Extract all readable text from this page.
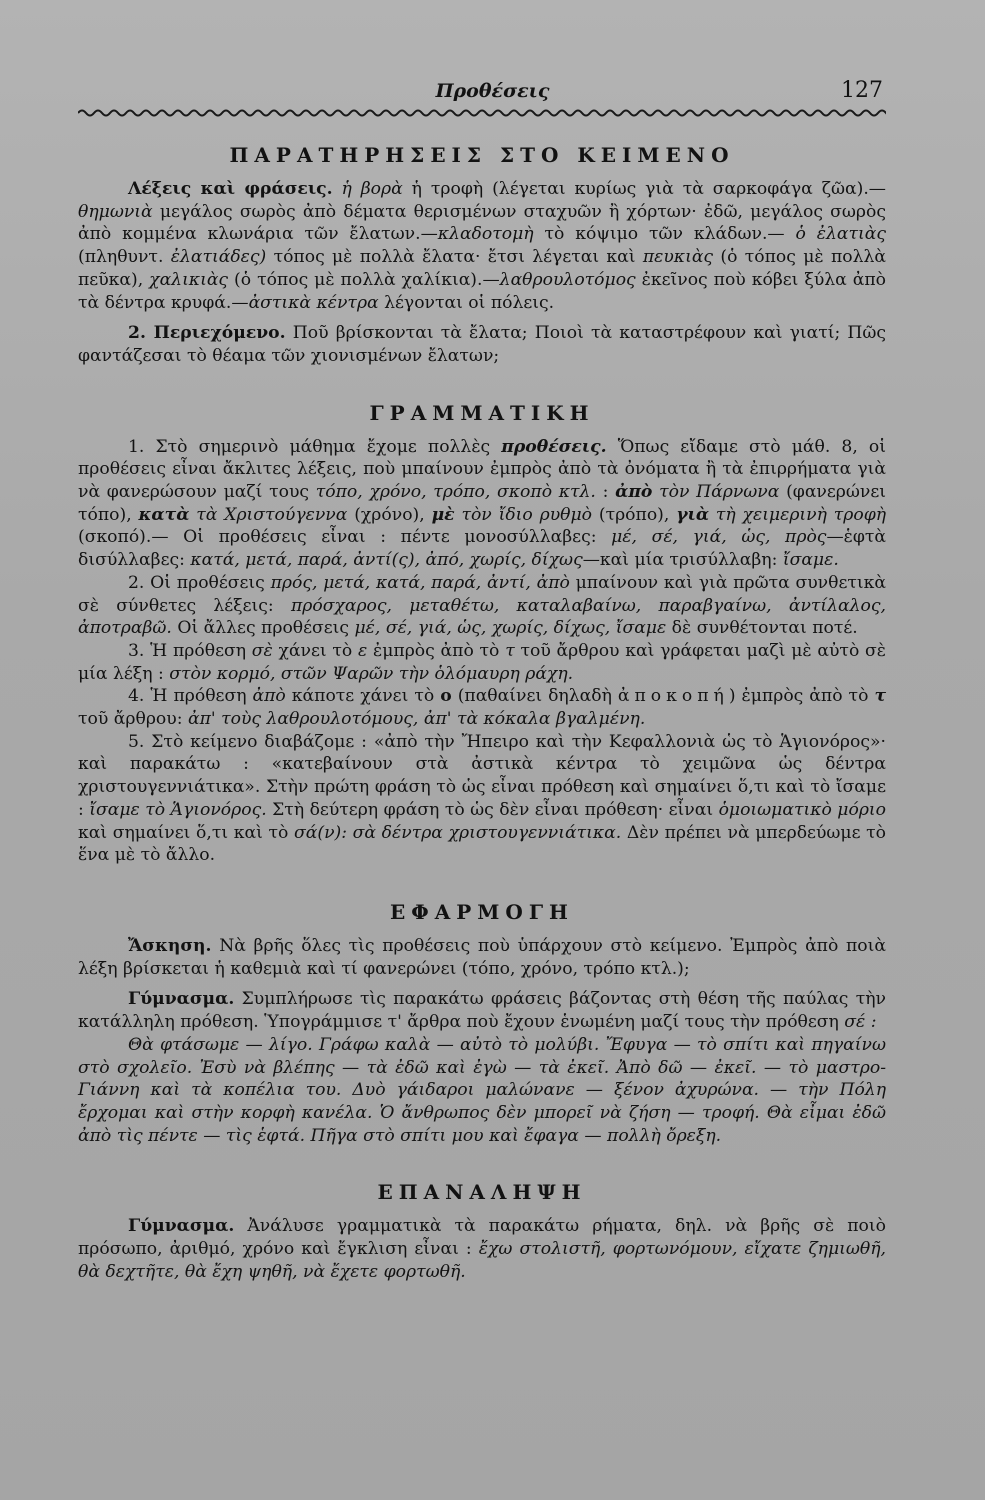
Προθέσεις	127
ΠΑΡΑΤΗΡΗΣΕΙΣ ΣΤΟ ΚΕΙΜΕΝΟ

Λέξεις καὶ φράσεις. ἡ βορὰ ἡ τροφὴ (λέγεται κυρίως γιὰ τὰ σαρκοφάγα ζῶα).—θημωνιὰ μεγάλος σωρὸς ἀπὸ δέματα θερισμένων σταχυῶν ἢ χόρτων· ἐδῶ, μεγάλος σωρὸς ἀπὸ κομμένα κλωνάρια τῶν ἔλατων.—κλαδοτομὴ τὸ κόψιμο τῶν κλάδων.— ὁ ἐλατιὰς (πληθυντ. ἐλατιάδες) τόπος μὲ πολλὰ ἔλατα· ἔτσι λέγεται καὶ πευκιὰς (ὁ τόπος μὲ πολλὰ πεῦκα), χαλικιὰς (ὁ τόπος μὲ πολλὰ χαλίκια).—λαθρουλοτόμος ἐκεῖνος ποὺ κόβει ξύλα ἀπὸ τὰ δέντρα κρυφά.—ἀστικὰ κέντρα λέγονται οἱ πόλεις.

2. Περιεχόμενο. Ποῦ βρίσκονται τὰ ἔλατα; Ποιοὶ τὰ καταστρέφουν καὶ γιατί; Πῶς φαντάζεσαι τὸ θέαμα τῶν χιονισμένων ἔλατων;

ΓΡΑΜΜΑΤΙΚΗ

1. Στὸ σημερινὸ μάθημα ἔχομε πολλὲς προθέσεις. Ὅπως εἴδαμε στὸ μάθ. 8, οἱ προθέσεις εἶναι ἄκλιτες λέξεις, ποὺ μπαίνουν ἐμπρὸς ἀπὸ τὰ ὀνόματα ἢ τὰ ἐπιρρήματα γιὰ νὰ φανερώσουν μαζί τους τόπο, χρόνο, τρόπο, σκοπὸ κτλ. : ἀπὸ τὸν Πάρνωνα (φανερώνει τόπο), κατὰ τὰ Χριστούγεννα (χρόνο), μὲ τὸν ἴδιο ρυθμὸ (τρόπο), γιὰ τὴ χειμερινὴ τροφὴ (σκοπό).— Οἱ προθέσεις εἶναι : πέντε μονοσύλλαβες: μέ, σέ, γιά, ὡς, πρὸς—ἑφτὰ δισύλλαβες: κατά, μετά, παρά, ἀντί(ς), ἀπό, χωρίς, δίχως—καὶ μία τρισύλλαβη: ἴσαμε.

2. Οἱ προθέσεις πρός, μετά, κατά, παρά, ἀντί, ἀπὸ μπαίνουν καὶ γιὰ πρῶτα συνθετικὰ σὲ σύνθετες λέξεις: πρόσχαρος, μεταθέτω, καταλαβαίνω, παραβγαίνω, ἀντίλαλος, ἀποτραβῶ. Οἱ ἄλλες προθέσεις μέ, σέ, γιά, ὡς, χωρίς, δίχως, ἴσαμε δὲ συνθέτονται ποτέ.

3. Ἡ πρόθεση σὲ χάνει τὸ ε ἐμπρὸς ἀπὸ τὸ τ τοῦ ἄρθρου καὶ γράφεται μαζὶ μὲ αὐτὸ σὲ μία λέξη : στὸν κορμό, στῶν Ψαρῶν τὴν ὁλόμαυρη ράχη.

4. Ἡ πρόθεση ἀπὸ κάποτε χάνει τὸ ο (παθαίνει δηλαδὴ ἀποκοπή) ἐμπρὸς ἀπὸ τὸ τ τοῦ ἄρθρου: ἀπ' τοὺς λαθρουλοτόμους, ἀπ' τὰ κόκαλα βγαλμένη.

5. Στὸ κείμενο διαβάζομε : «ἀπὸ τὴν Ἤπειρο καὶ τὴν Κεφαλλονιὰ ὡς τὸ Ἁγιονόρος»· καὶ παρακάτω : «κατεβαίνουν στὰ ἀστικὰ κέντρα τὸ χειμῶνα ὡς δέντρα χριστουγεννιάτικα». Στὴν πρώτη φράση τὸ ὡς εἶναι πρόθεση καὶ σημαίνει ὅ,τι καὶ τὸ ἴσαμε : ἴσαμε τὸ Ἁγιονόρος. Στὴ δεύτερη φράση τὸ ὡς δὲν εἶναι πρόθεση· εἶναι ὁμοιωματικὸ μόριο καὶ σημαίνει ὅ,τι καὶ τὸ σά(ν): σὰ δέντρα χριστουγεννιάτικα. Δὲν πρέπει νὰ μπερδεύωμε τὸ ἕνα μὲ τὸ ἄλλο.

ΕΦΑΡΜΟΓΗ

Ἄσκηση. Νὰ βρῆς ὅλες τὶς προθέσεις ποὺ ὑπάρχουν στὸ κείμενο. Ἐμπρὸς ἀπὸ ποιὰ λέξη βρίσκεται ἡ καθεμιὰ καὶ τί φανερώνει (τόπο, χρόνο, τρόπο κτλ.);

Γύμνασμα. Συμπλήρωσε τὶς παρακάτω φράσεις βάζοντας στὴ θέση τῆς παύλας τὴν κατάλληλη πρόθεση. Ὑπογράμμισε τ' ἄρθρα ποὺ ἔχουν ἑνωμένη μαζί τους τὴν πρόθεση σέ :

Θὰ φτάσωμε — λίγο. Γράφω καλὰ — αὐτὸ τὸ μολύβι. Ἔφυγα — τὸ σπίτι καὶ πηγαίνω στὸ σχολεῖο. Ἐσὺ νὰ βλέπης — τὰ ἐδῶ καὶ ἐγὼ — τὰ ἐκεῖ. Ἀπὸ δῶ — ἐκεῖ. — τὸ μαστρο-Γιάννη καὶ τὰ κοπέλια του. Δυὸ γάιδαροι μαλώνανε — ξένον ἀχυρώνα. — τὴν Πόλη ἔρχομαι καὶ στὴν κορφὴ κανέλα. Ὁ ἄνθρωπος δὲν μπορεῖ νὰ ζήση — τροφή. Θὰ εἶμαι ἐδῶ ἀπὸ τὶς πέντε — τὶς ἑφτά. Πῆγα στὸ σπίτι μου καὶ ἔφαγα — πολλὴ ὄρεξη.

ΕΠΑΝΑΛΗΨΗ

Γύμνασμα. Ἀνάλυσε γραμματικὰ τὰ παρακάτω ρήματα, δηλ. νὰ βρῆς σὲ ποιὸ πρόσωπο, ἀριθμό, χρόνο καὶ ἔγκλιση εἶναι : ἔχω στολιστῆ, φορτωνόμουν, εἴχατε ζημιωθῆ, θὰ δεχτῆτε, θὰ ἔχη ψηθῆ, νὰ ἔχετε φορτωθῆ.
